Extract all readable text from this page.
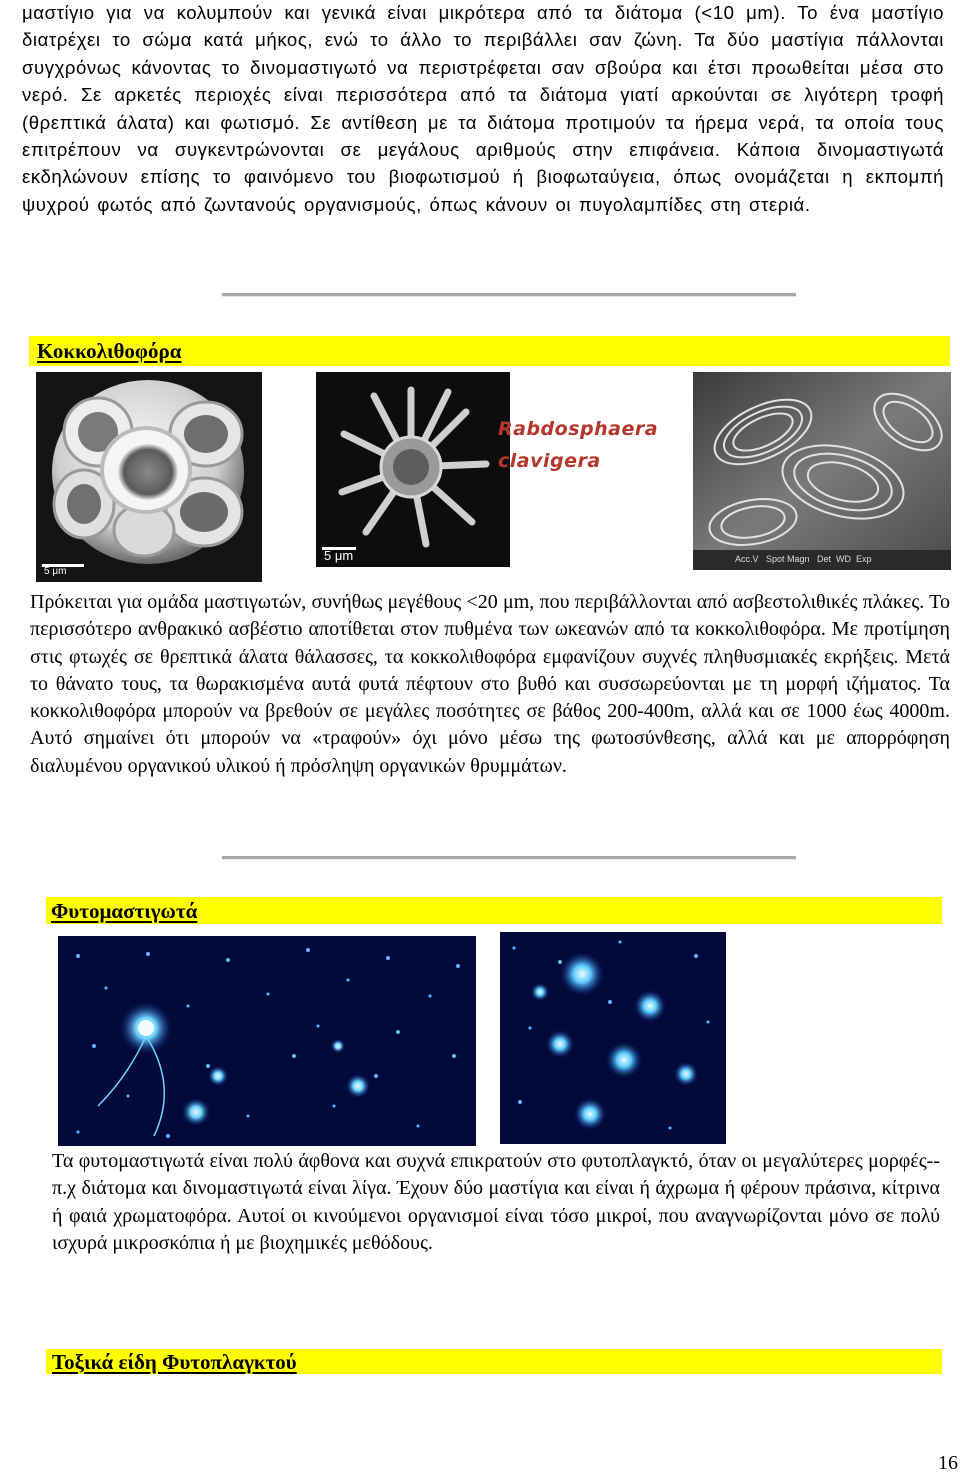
μαστίγιο για να κολυμπούν και γενικά είναι μικρότερα από τα διάτομα (<10 μm). Το ένα μαστίγιο διατρέχει το σώμα κατά μήκος, ενώ το άλλο το περιβάλλει σαν ζώνη. Τα δύο μαστίγια πάλλονται συγχρόνως κάνοντας το δινομαστιγωτό να περιστρέφεται σαν σβούρα και έτσι προωθείται μέσα στο νερό. Σε αρκετές περιοχές είναι περισσότερα από τα διάτομα γιατί αρκούνται σε λιγότερη τροφή (θρεπτικά άλατα) και φωτισμό. Σε αντίθεση με τα διάτομα προτιμούν τα ήρεμα νερά, τα οποία τους επιτρέπουν να συγκεντρώνονται σε μεγάλους αριθμούς στην επιφάνεια. Κάποια δινομαστιγωτά εκδηλώνουν επίσης το φαινόμενο του βιοφωτισμού ή βιοφωταύγεια, όπως ονομάζεται η εκπομπή ψυχρού φωτός από ζωντανούς οργανισμούς, όπως κάνουν οι πυγολαμπίδες στη στεριά.

Κοκκολιθοφόρα
5 μm
5 μm
Rabdosphaera
clavigera
Acc.V   Spot Magn   Det  WD  Exp

Πρόκειται για ομάδα μαστιγωτών, συνήθως μεγέθους <20 μm, που περιβάλλονται από ασβεστολιθικές πλάκες. Το περισσότερο ανθρακικό ασβέστιο αποτίθεται στον πυθμένα των ωκεανών από τα κοκκολιθοφόρα. Με προτίμηση στις φτωχές σε θρεπτικά άλατα θάλασσες, τα κοκκολιθοφόρα εμφανίζουν συχνές πληθυσμιακές εκρήξεις. Μετά το θάνατο τους, τα θωρακισμένα αυτά φυτά πέφτουν στο βυθό και συσσωρεύονται με τη μορφή ιζήματος. Τα κοκκολιθοφόρα μπορούν να βρεθούν σε μεγάλες ποσότητες σε βάθος 200-400m, αλλά και σε 1000 έως 4000m. Αυτό σημαίνει ότι μπορούν να «τραφούν» όχι μόνο μέσω της φωτοσύνθεσης, αλλά και με απορρόφηση διαλυμένου οργανικού υλικού ή πρόσληψη οργανικών θρυμμάτων.

Φυτομαστιγωτά

Τα φυτομαστιγωτά είναι πολύ άφθονα και συχνά επικρατούν στο φυτοπλαγκτό, όταν οι μεγαλύτερες μορφές--π.χ διάτομα και δινομαστιγωτά είναι λίγα. Έχουν δύο μαστίγια και είναι ή άχρωμα ή φέρουν πράσινα, κίτρινα ή φαιά χρωματοφόρα. Αυτοί οι κινούμενοι οργανισμοί είναι τόσο μικροί, που αναγνωρίζονται μόνο σε πολύ ισχυρά μικροσκόπια ή με βιοχημικές μεθόδους.

Τοξικά είδη Φυτοπλαγκτού
16
